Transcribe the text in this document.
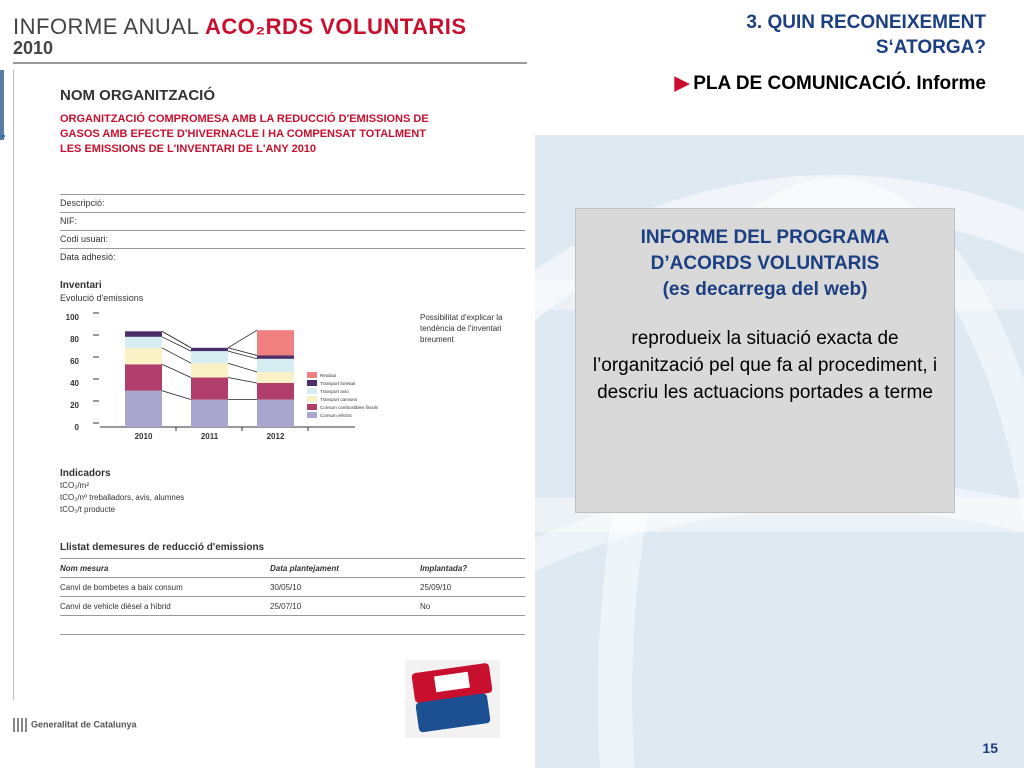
INFORME ANUAL ACO₂RDS VOLUNTARIS
2010
NOM ORGANITZACIÓ
ORGANITZACIÓ COMPROMESA AMB LA REDUCCIÓ D'EMISSIONS DE GASOS AMB EFECTE D'HIVERNACLE I HA COMPENSAT TOTALMENT LES EMISSIONS DE L'INVENTARI DE L'ANY 2010
Descripció:
NIF:
Codi usuari:
Data adhesió:
Inventari
Evolució d'emissions
100
80
60
40
20
0
2010	2011	2012
Residus
Transport forestal
Transport avió
Transport camions
Consum combustibles fòssils
Consum elèctric
Possibilitat d'explicar la tendència de l'inventari breument
Indicadors
tCO₂/m²
tCO₂/nº treballadors, avis, alumnes
tCO₂/t producte
Llistat demesures de reducció d'emissions
Nom mesura	Data plantejament	Implantada?
Canvi de bombetes a baix consum	30/05/10	25/09/10
Canvi de vehicle dièsel a híbrid	25/07/10	No
Generalitat de Catalunya
3. QUIN RECONEIXEMENT
S‘ATORGA?
▶ PLA DE COMUNICACIÓ. Informe
INFORME DEL PROGRAMA
D’ACORDS VOLUNTARIS
(es decarrega del web)
reprodueix la situació exacta de l’organització pel que fa al procediment, i descriu les actuacions portades a terme
15
